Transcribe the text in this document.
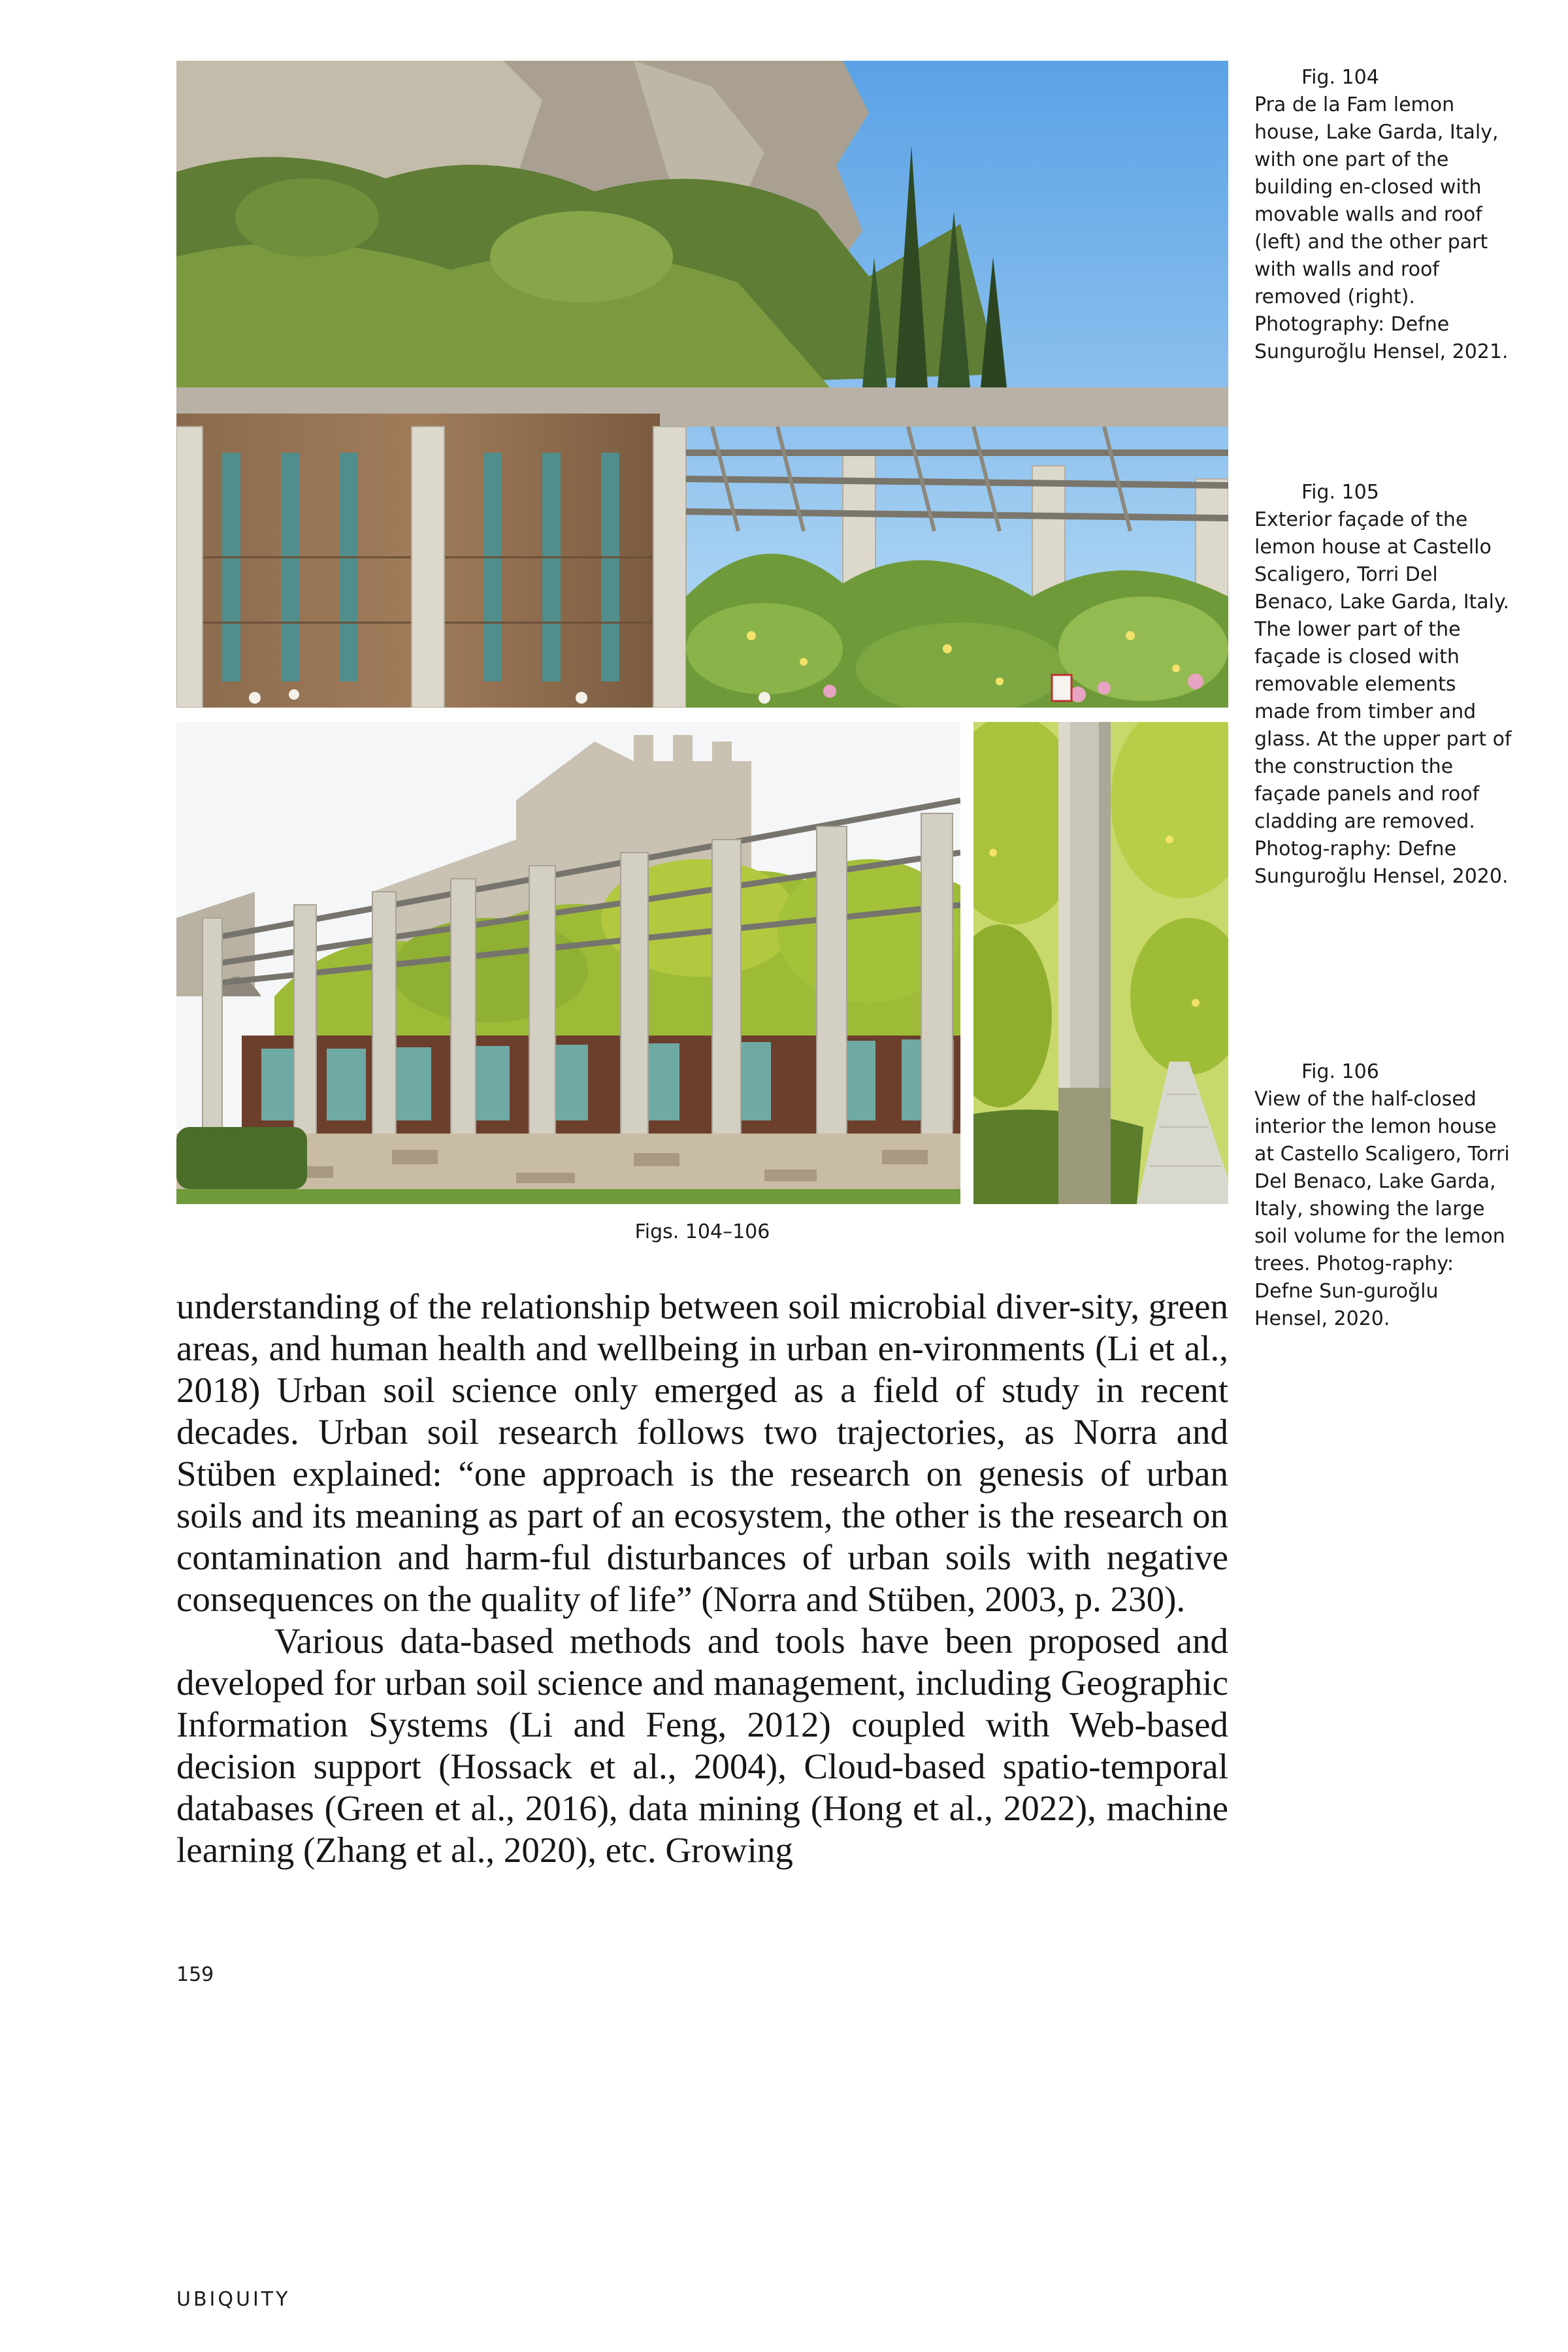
Fig. 104
Pra de la Fam lemon house, Lake Garda, Italy, with one part of the building en-closed with movable walls and roof (left) and the other part with walls and roof removed (right). Photography: Defne Sunguroğlu Hensel, 2021.
Fig. 105
Exterior façade of the lemon house at Castello Scaligero, Torri Del Benaco, Lake Garda, Italy. The lower part of the façade is closed with removable elements made from timber and glass. At the upper part of the construction the façade panels and roof cladding are removed. Photog-raphy: Defne Sunguroğlu Hensel, 2020.
Fig. 106
View of the half-closed interior the lemon house at Castello Scaligero, Torri Del Benaco, Lake Garda, Italy, showing the large soil volume for the lemon trees. Photog-raphy: Defne Sun-guroğlu Hensel, 2020.
Figs. 104–106

understanding of the relationship between soil microbial diver-sity, green areas, and human health and wellbeing in urban en-vironments (Li et al., 2018) Urban soil science only emerged as a field of study in recent decades. Urban soil research follows two trajectories, as Norra and Stüben explained: “one approach is the research on genesis of urban soils and its meaning as part of an ecosystem, the other is the research on contamination and harm-ful disturbances of urban soils with negative consequences on the quality of life” (Norra and Stüben, 2003, p. 230).

Various data-based methods and tools have been proposed and developed for urban soil science and management, including Geographic Information Systems (Li and Feng, 2012) coupled with Web-based decision support (Hossack et al., 2004), Cloud-based spatio-temporal databases (Green et al., 2016), data mining (Hong et al., 2022), machine learning (Zhang et al., 2020), etc. Growing

159
UBIQUITY
